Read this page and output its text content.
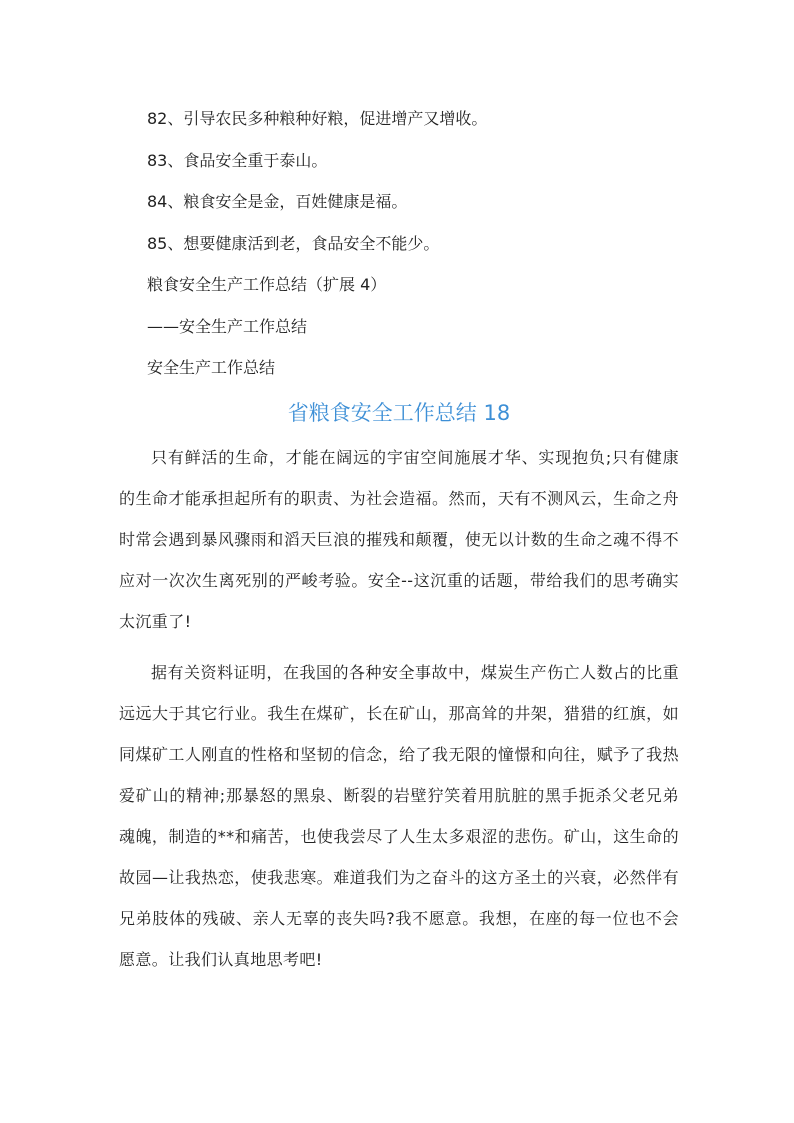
82、引导农民多种粮种好粮，促进增产又增收。

83、食品安全重于泰山。

84、粮食安全是金，百姓健康是福。

85、想要健康活到老，食品安全不能少。

粮食安全生产工作总结（扩展 4）

——安全生产工作总结

安全生产工作总结

省粮食安全工作总结 18

只有鲜活的生命，才能在阔远的宇宙空间施展才华、实现抱负;只有健康的生命才能承担起所有的职责、为社会造福。然而，天有不测风云，生命之舟时常会遇到暴风骤雨和滔天巨浪的摧残和颠覆，使无以计数的生命之魂不得不应对一次次生离死别的严峻考验。安全--这沉重的话题，带给我们的思考确实太沉重了!

据有关资料证明，在我国的各种安全事故中，煤炭生产伤亡人数占的比重远远大于其它行业。我生在煤矿，长在矿山，那高耸的井架，猎猎的红旗，如同煤矿工人刚直的性格和坚韧的信念，给了我无限的憧憬和向往，赋予了我热爱矿山的精神;那暴怒的黑泉、断裂的岩壁狞笑着用肮脏的黑手扼杀父老兄弟魂魄，制造的**和痛苦，也使我尝尽了人生太多艰涩的悲伤。矿山，这生命的故园—让我热恋，使我悲寒。难道我们为之奋斗的这方圣土的兴衰，必然伴有兄弟肢体的残破、亲人无辜的丧失吗?我不愿意。我想，在座的每一位也不会愿意。让我们认真地思考吧!
